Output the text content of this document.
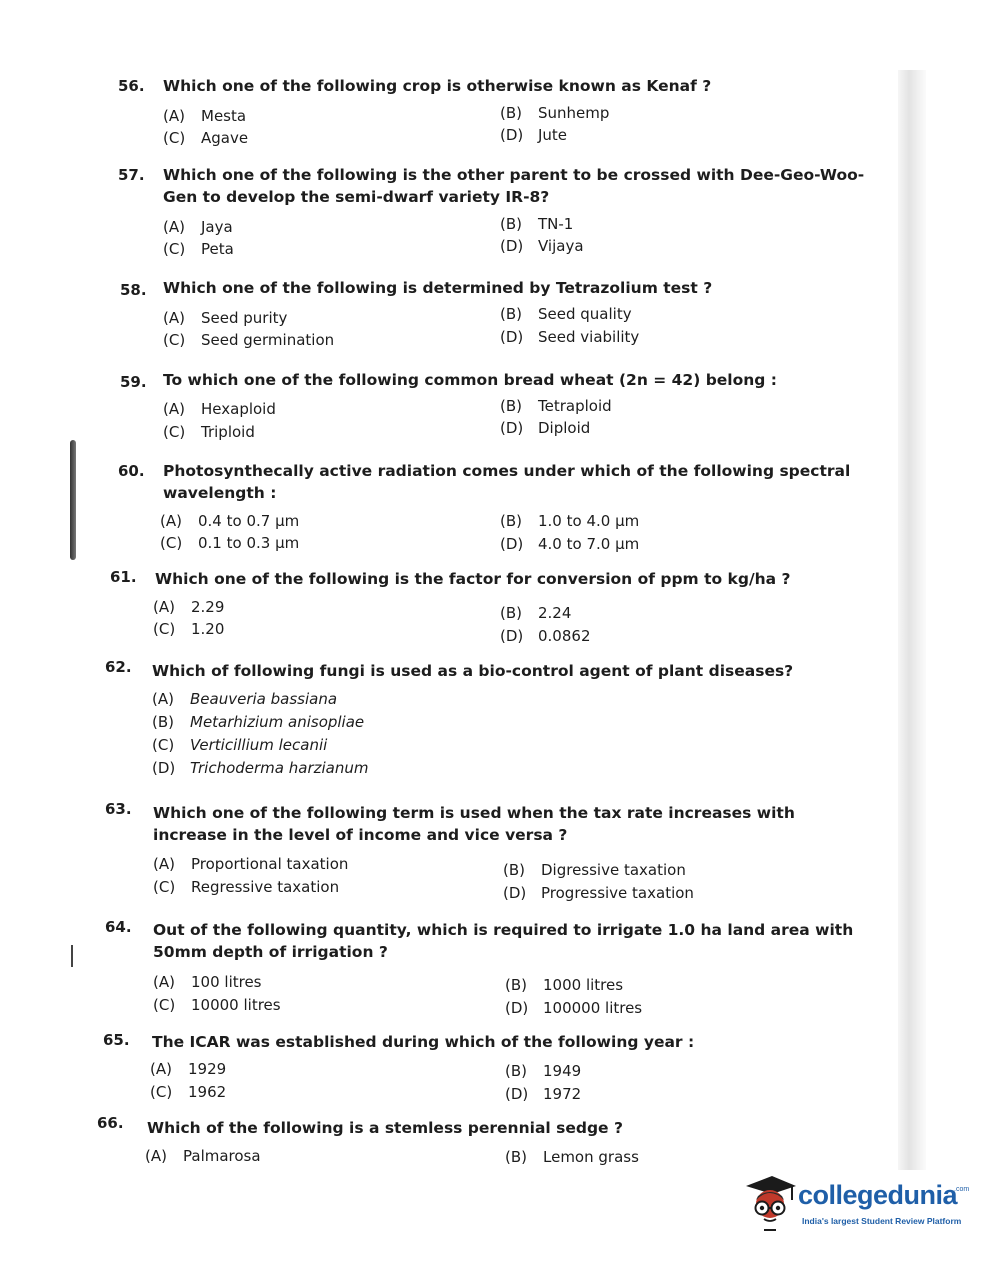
56. Which one of the following crop is otherwise known as Kenaf ?
(A) Mesta	(B) Sunhemp
(C) Agave	(D) Jute
57. Which one of the following is the other parent to be crossed with Dee-Geo-Woo-Gen to develop the semi-dwarf variety IR-8?
(A) Jaya	(B) TN-1
(C) Peta	(D) Vijaya
58. Which one of the following is determined by Tetrazolium test ?
(A) Seed purity	(B) Seed quality
(C) Seed germination	(D) Seed viability
59. To which one of the following common bread wheat (2n = 42) belong :
(A) Hexaploid	(B) Tetraploid
(C) Triploid	(D) Diploid
60. Photosynthecally active radiation comes under which of the following spectral wavelength :
(A) 0.4 to 0.7 μm	(B) 1.0 to 4.0 μm
(C) 0.1 to 0.3 μm	(D) 4.0 to 7.0 μm
61. Which one of the following is the factor for conversion of ppm to kg/ha ?
(A) 2.29	(B) 2.24
(C) 1.20	(D) 0.0862
62. Which of following fungi is used as a bio-control agent of plant diseases?
(A) Beauveria bassiana
(B) Metarhizium anisopliae
(C) Verticillium lecanii
(D) Trichoderma harzianum
63. Which one of the following term is used when the tax rate increases with increase in the level of income and vice versa ?
(A) Proportional taxation	(B) Digressive taxation
(C) Regressive taxation	(D) Progressive taxation
64. Out of the following quantity, which is required to irrigate 1.0 ha land area with 50mm depth of irrigation ?
(A) 100 litres	(B) 1000 litres
(C) 10000 litres	(D) 100000 litres
65. The ICAR was established during which of the following year :
(A) 1929	(B) 1949
(C) 1962	(D) 1972
66. Which of the following is a stemless perennial sedge ?
(A) Palmarosa	(B) Lemon grass
collegedunia
.com
India's largest Student Review Platform
